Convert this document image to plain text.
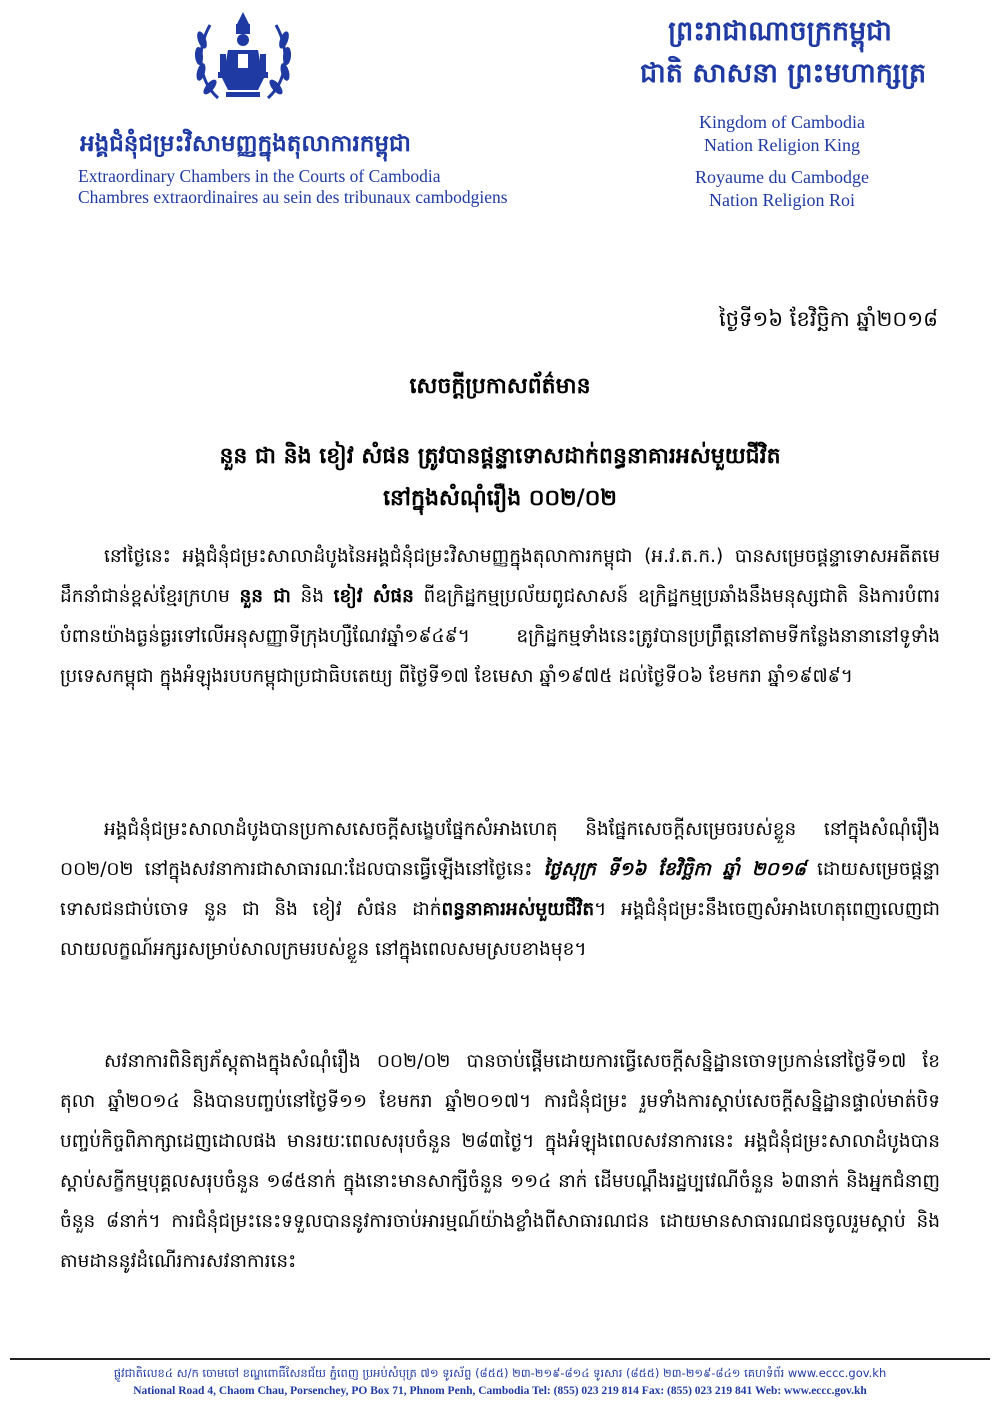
អង្គជំនុំជម្រះវិសាមញ្ញក្នុងតុលាការកម្ពុជា
Extraordinary Chambers in the Courts of Cambodia
Chambres extraordinaires au sein des tribunaux cambodgiens
ព្រះរាជាណាចក្រកម្ពុជា
ជាតិ សាសនា ព្រះមហាក្សត្រ
Kingdom of Cambodia
Nation Religion King
Royaume du Cambodge
Nation Religion Roi
ថ្ងៃទី១៦ ខែវិច្ឆិកា ឆ្នាំ២០១៨
សេចក្តីប្រកាសព័ត៌មាន
នួន ជា និង ខៀវ សំផន ត្រូវបានផ្តន្ទាទោសដាក់ពន្ធនាគារអស់មួយជីវិត
នៅក្នុងសំណុំរឿង ០០២/០២
នៅថ្ងៃនេះ អង្គជំនុំជម្រះសាលាដំបូងនៃអង្គជំនុំជម្រះវិសាមញ្ញក្នុងតុលាការកម្ពុជា (អ.វ.ត.ក.) បានសម្រេចផ្តន្ទាទោសអតីតមេដឹកនាំជាន់ខ្ពស់ខ្មែរក្រហម នួន ជា និង ខៀវ សំផន ពីឧក្រិដ្ឋកម្មប្រល័យពូជសាសន៍ ឧក្រិដ្ឋកម្មប្រឆាំងនឹងមនុស្សជាតិ និងការបំពារបំពានយ៉ាងធ្ងន់ធ្ងរទៅលើអនុសញ្ញាទីក្រុងហ្សឺណែវឆ្នាំ១៩៤៩។ ឧក្រិដ្ឋកម្មទាំងនេះត្រូវបានប្រព្រឹត្តនៅតាមទីកន្លែងនានានៅទូទាំងប្រទេសកម្ពុជា ក្នុងអំឡុងរបបកម្ពុជាប្រជាធិបតេយ្យ ពីថ្ងៃទី១៧ ខែមេសា ឆ្នាំ១៩៧៥ ដល់ថ្ងៃទី០៦ ខែមករា ឆ្នាំ១៩៧៩។
អង្គជំនុំជម្រះសាលាដំបូងបានប្រកាសសេចក្តីសង្ខេបផ្នែកសំអាងហេតុ និងផ្នែកសេចក្តីសម្រេចរបស់ខ្លួន នៅក្នុងសំណុំរឿង ០០២/០២ នៅក្នុងសវនាការជាសាធារណៈដែលបានធ្វើឡើងនៅថ្ងៃនេះ ថ្ងៃសុក្រ ទី១៦ ខែវិច្ឆិកា ឆ្នាំ ២០១៨ ដោយសម្រេចផ្តន្ទាទោសជនជាប់ចោទ នួន ជា និង ខៀវ សំផន ដាក់ពន្ធនាគារអស់មួយជីវិត។ អង្គជំនុំជម្រះនឹងចេញសំអាងហេតុពេញលេញជាលាយលក្ខណ៍អក្សរសម្រាប់សាលក្រមរបស់ខ្លួន នៅក្នុងពេលសមស្របខាងមុខ។
សវនាការពិនិត្យភ័ស្តុតាងក្នុងសំណុំរឿង ០០២/០២ បានចាប់ផ្តើមដោយការធ្វើសេចក្តីសន្និដ្ឋានចោទប្រកាន់នៅថ្ងៃទី១៧ ខែតុលា ឆ្នាំ២០១៤ និងបានបញ្ចប់នៅថ្ងៃទី១១ ខែមករា ឆ្នាំ២០១៧។ ការជំនុំជម្រះ រួមទាំងការស្តាប់សេចក្តីសន្និដ្ឋានផ្ទាល់មាត់បិទបញ្ចប់កិច្ចពិភាក្សាដេញដោលផង មានរយៈពេលសរុបចំនួន ២៨៣ថ្ងៃ។ ក្នុងអំឡុងពេលសវនាការនេះ អង្គជំនុំជម្រះសាលាដំបូងបានស្តាប់សក្ខីកម្មបុគ្គលសរុបចំនួន ១៨៥នាក់ ក្នុងនោះមានសាក្សីចំនួន ១១៤ នាក់ ដើមបណ្តឹងរដ្ឋប្បវេណីចំនួន ៦៣នាក់ និងអ្នកជំនាញចំនួន ៨នាក់។ ការជំនុំជម្រះនេះទទួលបាននូវការចាប់អារម្មណ៍យ៉ាងខ្លាំងពីសាធារណជន ដោយមានសាធារណជនចូលរួមស្តាប់ និងតាមដាននូវដំណើរការសវនាការនេះ
ផ្លូវជាតិលេខ៤ ស/ក ចោមចៅ ខណ្ឌពោធិ៍សែនជ័យ ភ្នំពេញ ប្រអប់សំបុត្រ ៧១ ទូរស័ព្ទ (៨៥៥) ២៣-២១៩-៨១៤ ទូរសារ (៨៥៥) ២៣-២១៩-៨៤១ គេហទំព័រ www.eccc.gov.kh
National Road 4, Chaom Chau, Porsenchey, PO Box 71, Phnom Penh, Cambodia Tel: (855) 023 219 814 Fax: (855) 023 219 841 Web: www.eccc.gov.kh
